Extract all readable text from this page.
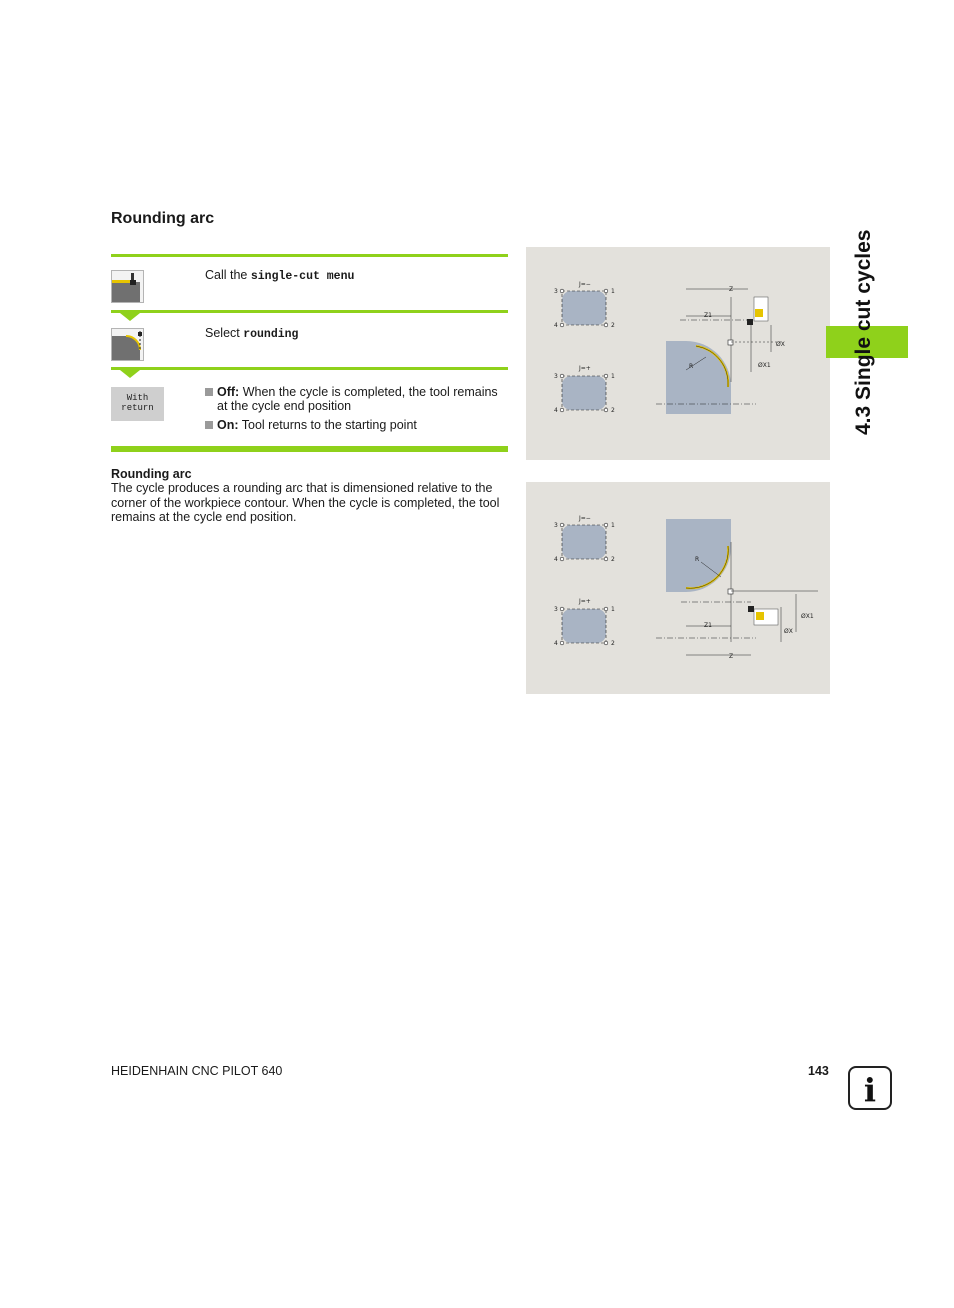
Rounding arc
Call the single-cut menu
Select rounding
With
return
Off: When the cycle is completed, the tool remains at the cycle end position
On: Tool returns to the starting point
Rounding arc
The cycle produces a rounding arc that is dimensioned relative to the corner of the workpiece contour. When the cycle is completed, the tool remains at the cycle end position.
J=−
3	1
4	2
J=+
3	1
4	2
R
Z
Z1
ØX
ØX1
J=−
3	1
4	2
J=+
3	1
4	2
R
Z
Z1
ØX1
ØX
4.3 Single cut cycles
HEIDENHAIN CNC PILOT 640	143 i
